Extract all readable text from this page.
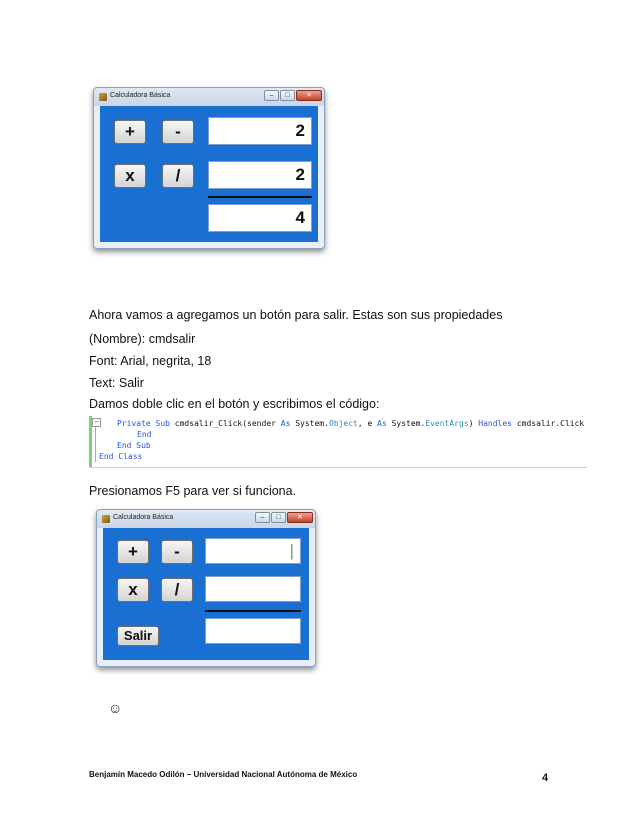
Calculadora Básica	–	□	✕
+	-
x	/
2
2
4
Ahora vamos a agregamos un botón para salir. Estas son sus propiedades
(Nombre): cmdsalir
Font: Arial, negrita, 18
Text: Salir
Damos doble clic en el botón y escribimos el código:
− Private Sub cmdsalir_Click(sender As System.Object, e As System.EventArgs) Handles cmdsalir.Click
End
End Sub
End Class
Presionamos F5 para ver si funciona.
Calculadora Básica	–	□	✕
+	-
x	/
Salir
|
☺
Benjamín Macedo Odilón – Universidad Nacional Autónoma de México	4
